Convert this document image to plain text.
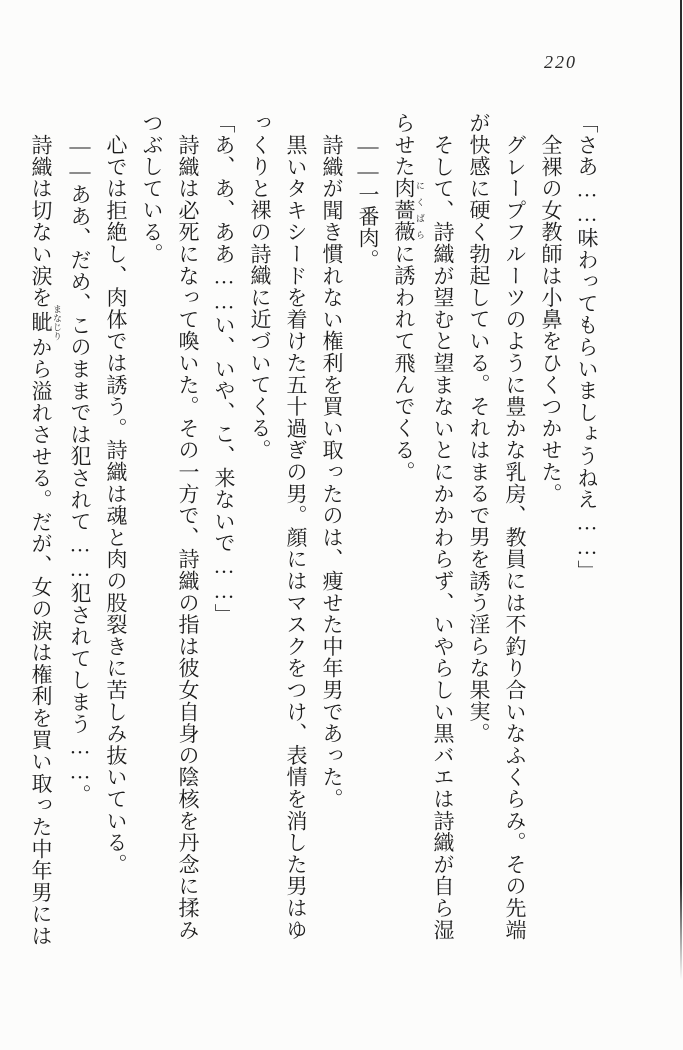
220
「さあ……味わってもらいましょうねえ……」
全裸の女教師は小鼻をひくつかせた。
グレープフルーツのように豊かな乳房、教員には不釣り合いなふくらみ。その先端
が快感に硬く勃起している。それはまるで男を誘う淫らな果実。
そして、詩織が望むと望まないとにかかわらず、いやらしい黒バエは詩織が自ら湿
らせた肉薔薇 にくばらに誘われて飛んでくる。
――一番肉。
詩織が聞き慣れない権利を買い取ったのは、痩せた中年男であった。
黒いタキシードを着けた五十過ぎの男。顔にはマスクをつけ、表情を消した男はゆ
っくりと裸の詩織に近づいてくる。
「あ、あ、ああ……い、いや、こ、来ないで……」
詩織は必死になって喚いた。その一方で、詩織の指は彼女自身の陰核を丹念に揉み
つぶしている。
心では拒絶し、肉体では誘う。詩織は魂と肉の股裂きに苦しみ抜いている。
――ああ、だめ、このままでは犯されて……犯されてしまう……。
詩織は切ない涙を眦 まなじりから溢れさせる。だが、女の涙は権利を買い取った中年男には
